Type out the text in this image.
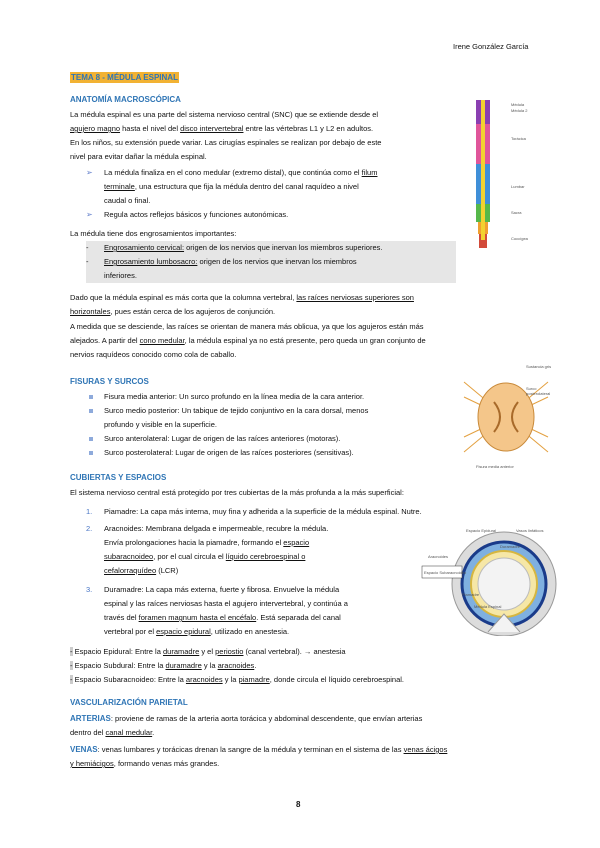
Irene González García
TEMA 8 - MÉDULA ESPINAL
Médula
Médula 2
Torácica
Lumbar
Sacra
Coccígea
ANATOMÍA MACROSCÓPICA
La médula espinal es una parte del sistema nervioso central (SNC) que se extiende desde el
agujero magno hasta el nivel del disco intervertebral entre las vértebras L1 y L2 en adultos.
En los niños, su extensión puede variar. Las cirugías espinales se realizan por debajo de este
nivel para evitar dañar la médula espinal.
➢ La médula finaliza en el cono medular (extremo distal), que continúa como el filum
terminale, una estructura que fija la médula dentro del canal raquídeo a nivel
caudal o final.
➢ Regula actos reflejos básicos y funciones autonómicas.
La médula tiene dos engrosamientos importantes:
- Engrosamiento cervical: origen de los nervios que inervan los miembros superiores.
- Engrosamiento lumbosacro: origen de los nervios que inervan los miembros
inferiores.
Dado que la médula espinal es más corta que la columna vertebral, las raíces nerviosas superiores son
horizontales, pues están cerca de los agujeros de conjunción.
A medida que se desciende, las raíces se orientan de manera más oblicua, ya que los agujeros están más
alejados. A partir del cono medular, la médula espinal ya no está presente, pero queda un gran conjunto de
nervios raquídeos conocido como cola de caballo.
Sustancia gris
Surco
posterolateral
Fisura media anterior
FISURAS Y SURCOS
Fisura media anterior: Un surco profundo en la línea media de la cara anterior.
Surco medio posterior: Un tabique de tejido conjuntivo en la cara dorsal, menos
profundo y visible en la superficie.
Surco anterolateral: Lugar de origen de las raíces anteriores (motoras).
Surco posterolateral: Lugar de origen de las raíces posteriores (sensitivas).
CUBIERTAS Y ESPACIOS
El sistema nervioso central está protegido por tres cubiertas de la más profunda a la más superficial:
1. Piamadre: La capa más interna, muy fina y adherida a la superficie de la médula espinal. Nutre.
2. Aracnoides: Membrana delgada e impermeable, recubre la médula.
Envía prolongaciones hacia la piamadre, formando el espacio
subaracnoideo, por el cual circula el líquido cerebroespinal o
cefalorraquídeo (LCR)
3. Duramadre: La capa más externa, fuerte y fibrosa. Envuelve la médula
espinal y las raíces nerviosas hasta el agujero intervertebral, y continúa a
través del foramen magnum hasta el encéfalo. Está separada del canal
vertebral por el espacio epidural, utilizado en anestesia.
Espacio Epidural
Duramadre
Vasos linfáticos
Aracnoides
Espacio Subaracnoideo
Piamadre
Médula Espinal
- Espacio Epidural: Entre la duramadre y el periostio (canal vertebral). → anestesia
- Espacio Subdural: Entre la duramadre y la aracnoides.
- Espacio Subaracnoideo: Entre la aracnoides y la piamadre, donde circula el líquido cerebroespinal.
VASCULARIZACIÓN PARIETAL
ARTERIAS: proviene de ramas de la arteria aorta torácica y abdominal descendente, que envían arterias
dentro del canal medular.
VENAS: venas lumbares y torácicas drenan la sangre de la médula y terminan en el sistema de las venas ácigos
y hemiácigos, formando venas más grandes.
8
